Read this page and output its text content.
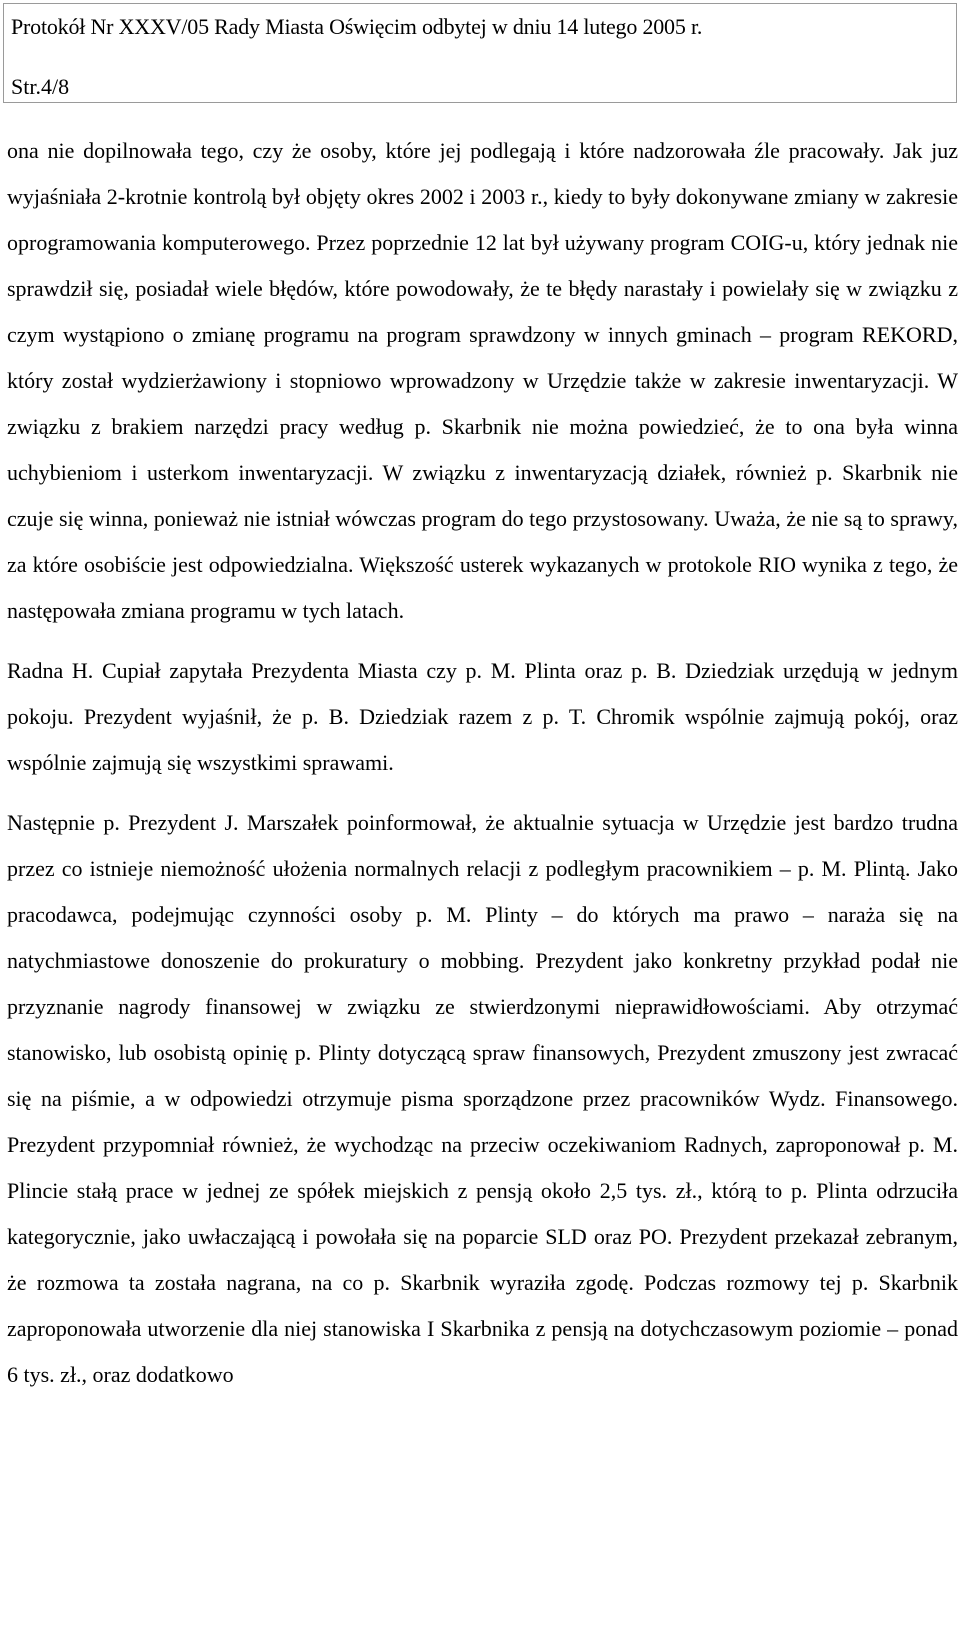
Protokół Nr XXXV/05 Rady Miasta Oświęcim odbytej w dniu 14 lutego 2005 r.
Str.4/8

ona nie dopilnowała tego, czy że osoby, które jej podlegają i które nadzorowała źle pracowały. Jak juz wyjaśniała 2-krotnie kontrolą był objęty okres 2002 i 2003 r., kiedy to były dokonywane zmiany w zakresie oprogramowania komputerowego. Przez poprzednie 12 lat był używany program COIG-u, który jednak nie sprawdził się, posiadał wiele błędów, które powodowały, że te błędy narastały i powielały się w związku z czym wystąpiono o zmianę programu na program sprawdzony w innych gminach – program REKORD, który został wydzierżawiony i stopniowo wprowadzony w Urzędzie także w zakresie inwentaryzacji. W związku z brakiem narzędzi pracy według p. Skarbnik nie można powiedzieć, że to ona była winna uchybieniom i usterkom inwentaryzacji. W związku z inwentaryzacją działek, również p. Skarbnik nie czuje się winna, ponieważ nie istniał wówczas program do tego przystosowany. Uważa, że nie są to sprawy, za które osobiście jest odpowiedzialna. Większość usterek wykazanych w protokole RIO wynika z tego, że następowała zmiana programu w tych latach.

Radna H. Cupiał zapytała Prezydenta Miasta czy p. M. Plinta oraz p. B. Dziedziak urzędują w jednym pokoju. Prezydent wyjaśnił, że p. B. Dziedziak razem z p. T. Chromik wspólnie zajmują pokój, oraz wspólnie zajmują się wszystkimi sprawami.

Następnie p. Prezydent J. Marszałek poinformował, że aktualnie sytuacja w Urzędzie jest bardzo trudna przez co istnieje niemożność ułożenia normalnych relacji z podległym pracownikiem – p. M. Plintą. Jako pracodawca, podejmując czynności osoby p. M. Plinty – do których ma prawo – naraża się na natychmiastowe donoszenie do prokuratury o mobbing. Prezydent jako konkretny przykład podał nie przyznanie nagrody finansowej w związku ze stwierdzonymi nieprawidłowościami. Aby otrzymać stanowisko, lub osobistą opinię p. Plinty dotyczącą spraw finansowych, Prezydent zmuszony jest zwracać się na piśmie, a w odpowiedzi otrzymuje pisma sporządzone przez pracowników Wydz. Finansowego. Prezydent przypomniał również, że wychodząc na przeciw oczekiwaniom Radnych, zaproponował p. M. Plincie stałą prace w jednej ze spółek miejskich z pensją około 2,5 tys. zł., którą to p. Plinta odrzuciła kategorycznie, jako uwłaczającą i powołała się na poparcie SLD oraz PO. Prezydent przekazał zebranym, że rozmowa ta została nagrana, na co p. Skarbnik wyraziła zgodę. Podczas rozmowy tej p. Skarbnik zaproponowała utworzenie dla niej stanowiska I Skarbnika z pensją na dotychczasowym poziomie – ponad 6 tys. zł., oraz dodatkowo
